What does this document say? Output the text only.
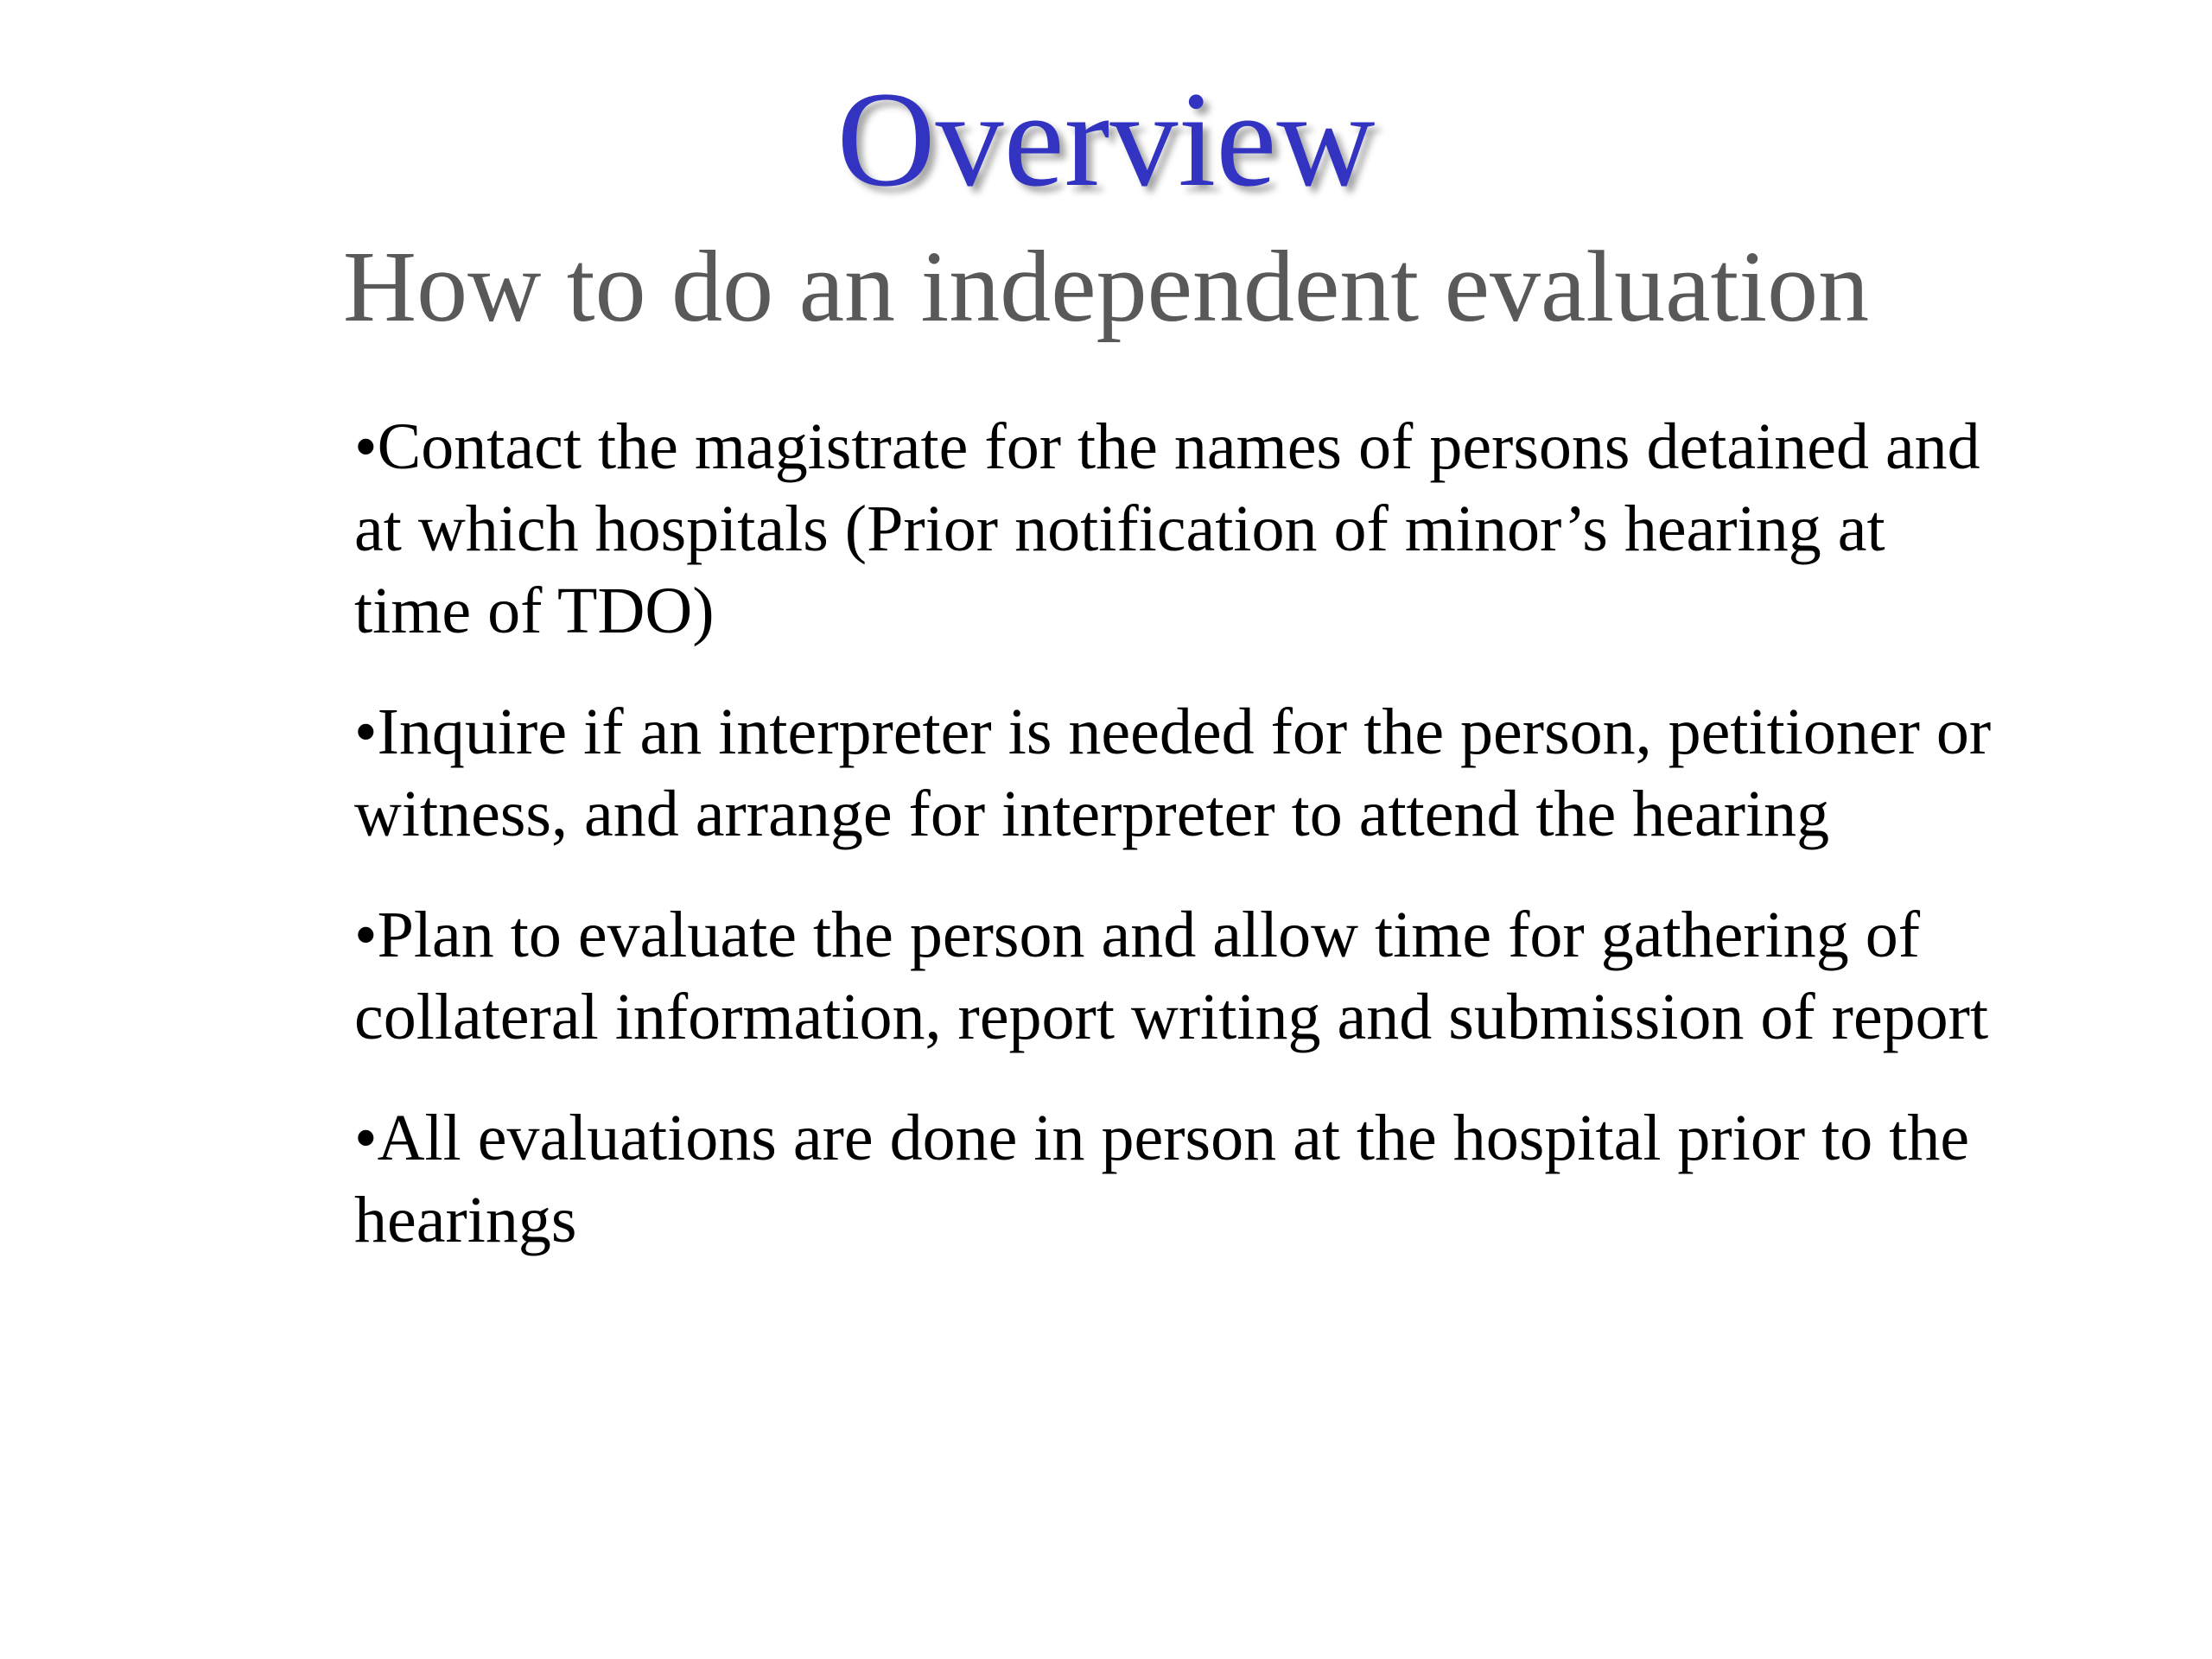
Overview
How to do an independent evaluation
•Contact the magistrate for the names of persons detained and at which hospitals (Prior notification of minor’s hearing at time of TDO)
•Inquire if an interpreter is needed for the person, petitioner or witness, and arrange for interpreter to attend the hearing
•Plan to evaluate the person and allow time for gathering of collateral information, report writing and submission of report
•All evaluations are done in person at the hospital prior to the hearings
